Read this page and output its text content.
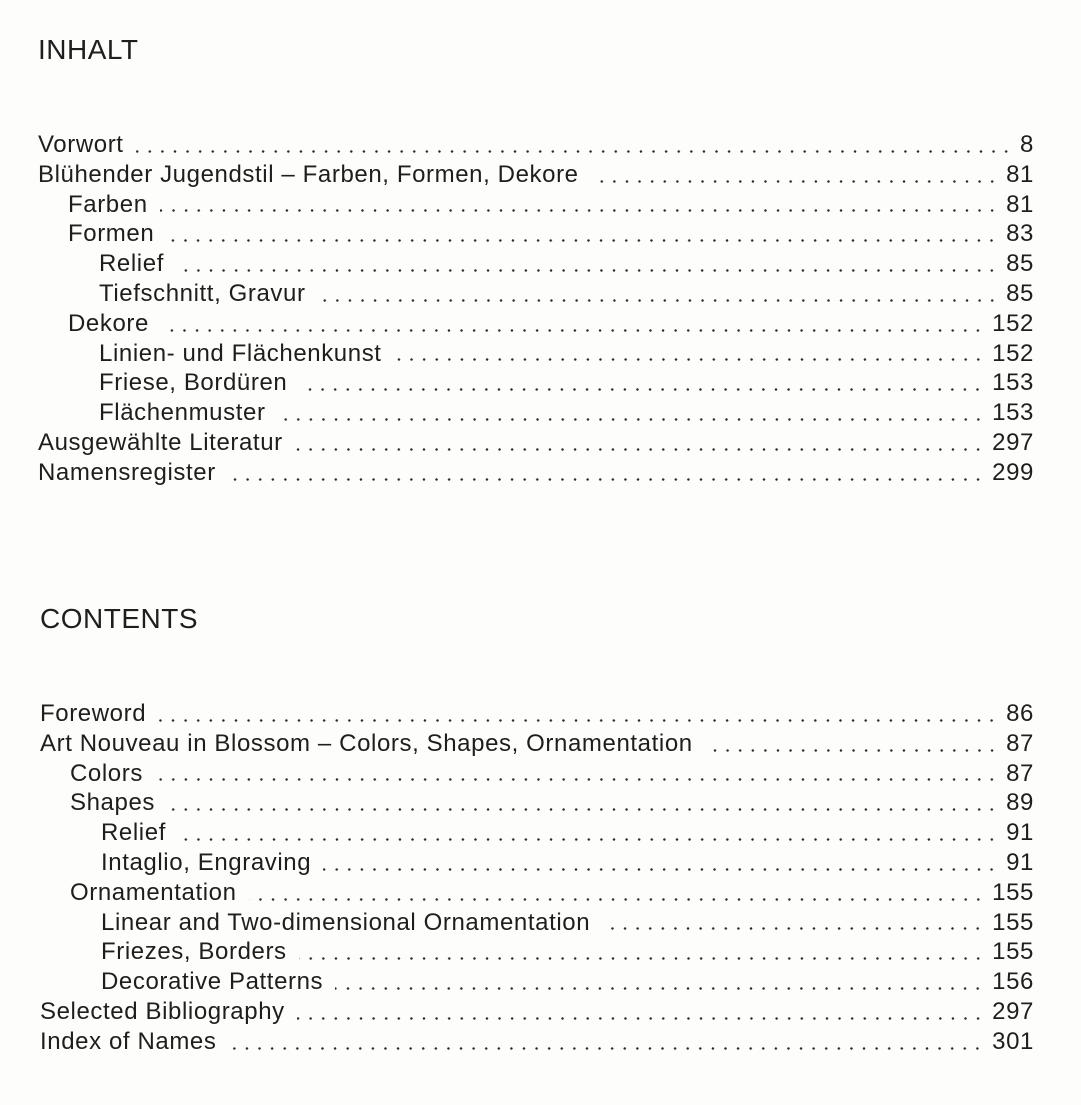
INHALT
Vorwort	8
Blühender Jugendstil – Farben, Formen, Dekore	81
Farben	81
Formen	83
Relief	85
Tiefschnitt, Gravur	85
Dekore	152
Linien- und Flächenkunst	152
Friese, Bordüren	153
Flächenmuster	153
Ausgewählte Literatur	297
Namensregister	299
CONTENTS
Foreword	86
Art Nouveau in Blossom – Colors, Shapes, Ornamentation	87
Colors	87
Shapes	89
Relief	91
Intaglio, Engraving	91
Ornamentation	155
Linear and Two-dimensional Ornamentation	155
Friezes, Borders	155
Decorative Patterns	156
Selected Bibliography	297
Index of Names	301
